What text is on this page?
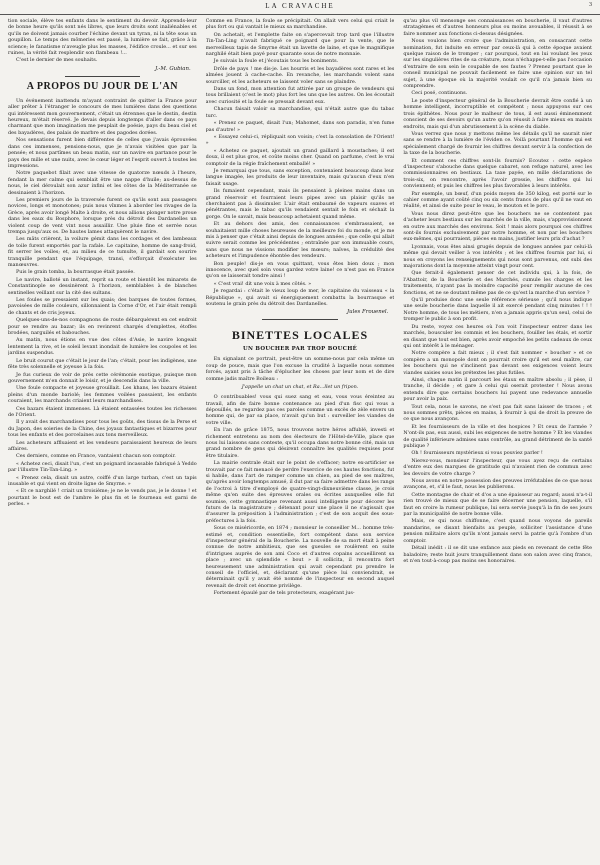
LA CRAVACHE	3

tion sociale, élève tes enfants dans le sentiment du devoir. Apprends-leur de bonne heure qu'ils sont nés libres, que leurs droits sont inaliénables et qu'ils ne doivent jamais courber l'échine devant un tyran, ni la tête sous un goupillon. Le temps des mômeries est passé, la lumière se fait, grâce à la science; le fanatisme n'aveugle plus les masses, l'édifice croule... et sur ses ruines, la vérité fait resplendir son flambeau !...

C'est le dernier de mes souhaits.

J.-M. Gubian.
A PROPOS DU JOUR DE L'AN

Un événement inattendu m'ayant contraint de quitter la France pour aller prêter à l'étranger le concours de mes lumières dans des questions qui intéressent mon gouvernement, c'était un étrennes que le destin, destin heureux, m'était réservé. Je devais depuis longtemps d'aller dans ce pays charmant que mon imagination me peuplait de poésie, pays du beau ciel et des bayadères, des palais de marbre et des pagodes dorées.

Nos sensations furent bien différentes de celles que j'avais éprouvées dans ces immenses, pensions-nous, que je n'avais visitées que par la pensée; et nous partîmes un beau matin, sur un navire en partance pour le pays des mille et une nuits, avec le cœur léger et l'esprit ouvert à toutes les impressions.

Notre paquebot filait avec une vitesse de quatorze nœuds à l'heure, fendant la mer calme qui semblait être une nappe d'huile; au-dessus de nous, le ciel déroulait son azur infini et les côtes de la Méditerranée se dessinaient à l'horizon.

Les premiers jours de la traversée furent ce qu'ils sont aux passagers novices, longs et monotones; puis nous vînmes à aborder les rivages de la Grèce, après avoir longé Malte à droite, et nous allions plonger notre proue dans les eaux du Bosphore, lorsque près du détroit des Dardanelles un violent coup de vent vint nous assaillir. Une pluie fine et serrée nous trempa jusqu'aux os. De hautes lames attaquèrent le navire.

Les mâts crièrent, la voilure gémit dans les cordages et des lambeaux de toile furent emportés par la rafale. Le capitaine, homme de sang-froid, fit serrer les voiles; et, au milieu de ce tumulte, il gardait son sourire tranquille pendant que l'équipage, transi, s'efforçait d'exécuter les manœuvres.

Puis le grain tomba, la bourrasque était passée.

Le navire, balloté un instant, reprit sa route et bientôt les minarets de Constantinople se dessinèrent à l'horizon, semblables à de blanches sentinelles veillant sur la cité des sultans.

Les foules se pressaient sur les quais; des barques de toutes formes, pavoisées de mille couleurs, sillonnaient la Corne d'Or, et l'air était rempli de chants et de cris joyeux.

Quelques-uns-de-nos compagnons de route débarquèrent en cet endroit pour se rendre au bazar; ils en revinrent chargés d'emplettes, étoffes brodées, narguilés et babouches.

Au matin, nous étions en vue des côtes d'Asie, le navire longeait lentement la rive, et le soleil levant inondait de lumière les coupoles et les jardins suspendus.

Le bruit courut que c'était le jour de l'an; c'était, pour les indigènes, une fête très solennelle et joyeuse à la fois.

Je fus curieux de voir de près cette cérémonie exotique, puisque mon gouvernement m'en donnait le loisir, et je descendis dans la ville.

Une foule compacte et joyeuse grouillait. Les khans, les bazars étaient pleins d'un monde bariolé; les femmes voilées passaient, les enfants couraient, les marchands criaient leurs marchandises.

Ces bazars étaient immenses. Là étaient entassées toutes les richesses de l'Orient.

Il y avait des marchandises pour tous les goûts, des tissus de la Perse et du Japon, des soieries de la Chine, des joyaux fantastiques et bizarres pour tous les enfants et des porcelaines aux tons merveilleux.

Les acheteurs affluaient et les vendeurs paraissaient heureux de leurs affaires.

Ces derniers, comme en France, vantaient chacun son comptoir.

« Achetez ceci, disait l'un, c'est un poignard incassable fabriqué à Yeddo par l'illustre Tin-Tan-Ling. »

« Prenez cela, disait un autre, coiffé d'un large turban, c'est un tapis inusable et qui vient en droite ligne de Smyrne. »

« Et ce narghilé ! criait un troisième; je ne le vends pas, je le donne ! et pourtant le bout est de l'ambre le plus fin et le fourneau est garni de perles. »

Comme en France, la foule se précipitait. On allait vers celui qui criait le plus fort ou qui vantait le mieux sa marchandise.

On achetait, et l'emplette faite on s'apercevait trop tard que l'illustre Tin-Tan-Ling n'avait fabriqué ce poignard que pour la vente, que le merveilleux tapis de Smyrne était un lavette de laine, et que le magnifique narghilé était bien payé pour quarante sous de notre monnaie.

Je suivais la foule et j'écoutais tous les boniments.

Drôle de pays ! me dis-je. Les hourris et les bayadères sont rares et les almées jouent à cache-cache. En revanche, les marchands volent sans sourciller, et les acheteurs se laissent voler sans se plaindre.

Dans un fond, mon attention fut attirée par un groupe de vendeurs qui tous brillaient (c'est le mot) plus fort les uns que les autres. On les écoutait avec curiosité et la foule se pressait devant eux.

Chacun faisait valoir sa marchandise, qui n'était autre que du tabac turc.

« Prenez ce paquet, disait l'un; Mahomet, dans son paradis, n'en fume pas d'autre! »

« Essayez celui-ci, répliquait son voisin; c'est la consolation de l'Orient! »

« Achetez ce paquet, ajoutait un grand gaillard à moustaches; il est doux, il est plus gros, et coûte moins cher. Quand on parfume, c'est le vrai comptoir de la régie fraîchement emballé! »

Je remarquai que tous, sans exception, contenaient beaucoup dans leur langue imagée, les produits de leur inventaire, mais qu'aucun d'eux n'en faisait usage.

Ils fumaient cependant, mais ils pensaient à pleines mains dans un grand réservoir et fourraient leurs pipes avec un plaisir qu'ils ne cherchaient pas à dissimuler. L'air était embaumé de vapeurs suaves et pénétrantes, mais le tabac qu'ils vendaient sentait le foin et séchait la gorge. On le savait, mais beaucoup achetaient quand même.

Et au dehors des amis, des connaissances s'embrassaient, se souhaitaient mille choses heureuses de la meilleure foi du monde, et je me mis à penser que c'était ainsi depuis de longues années ; que celle qui allait suivre serait comme les précédentes ; entraînée par son immuable cours, sans que nous ne vissions modifier les mœurs; naïves, la crédulité des acheteurs et l'impudence éhontée des vendeurs.

Bon peuple! dis-je en vous quittant, vous êtes bien doux ; mon innocence, avec quel soin vous gardez votre laine! ce n'est pas en France qu'on se laisserait tondre ainsi !

« C'est vrai! dit une voix à mes côtés. »

Je regardai : c'était le vieux loup de mer, le capitaine du vaisseau « la République », qui avait si énergiquement combattu la bourrasque et soutenu le grain près du détroit des Dardanelles.

Jules Frouenel.
BINETTES LOCALES
UN BOUCHER PAR TROP BOUCHÉ

En signalant ce portrait, peut-être un somme-nous par cela même un coup de pouce, mais que l'on excuse la crudité à laquelle nous sommes forcés, ayant pris à tâche d'éplucher les choses par leur nom et de dire comme jadis maître Boileau :

J'appelle un chat un chat, et Ra...llet un fripon.

O contribuables! vous qui suez sang et eau, vous vous éreintez au travail, afin de faire bonne contenance au pied d'un fisc qui vous a dépouillés, ne regardez pas ces paroles comme un excès de zèle envers un homme qui, de par sa place, n'avait qu'un but : surveiller les viandes de votre ville.

En l'an de grâce 1875, nous trouvons notre héros affublé, investi et richement entretenu au nom des électeurs de l'Hôtel-de-Ville, place que nous lui laissons sans conteste, qu'il occupa dans notre bonne cité, mais un grand nombre de gens qui désirent connaître les qualités requises pour être titulaire.

La mairie centrale était sur le point de s'effacer; notre ex-artificier se trouvait par ce fait menacé de perdre l'exercice de ces hautes fonctions, fut si habile, dans l'art de ramper comme un chien, au pied de ses maîtres, qu'après avoir longtemps amusé, il dut par sa faire admettre dans les rangs de l'octroi à titre d'employé de quatre-vingt-dixneuvième classe, je crois même qu'en suite des épreuves orales ou écrites auxquelles elle fut soumise, cette gymnastique revenant aussi intelligente pour décorer les futurs de la magistrature ; détenant pour une place il ne s'agissait que d'assurer la préposition à l'administration ; c'est de son acquit des sous-préfectures à la fois.

Sous ce miséricorde, en 1874 ; monsieur le conseiller M... homme très-estimé et, condition essentielle, fort compétent dans son service d'inspecteur général de la Boucherie. La nouvelle de sa mort était à peine connue de notre ambitieux, que ses gueules se roulèrent en suite d'intrigues auprès de son ami Coco et d'autres copains accueillirent sa place ; avec un splendide « bout » il sollicita, il rencontra fort heureusement une administration qui avait cependant pu prendre le conseil de l'officiel, et, déclarant qu'une pièce lui conviendrait, se déterminait qu'il y avait été nommé de l'inspecteur en second auquel revenait de droit cet énorme privilège.

Fortement épaulé par de tels protecteurs, exagérant jus-

qu'au plus vil mensonge ses connaissances en boucherie, il vaut d'autres stratagèmes et d'autres honneurs plus ou moins avouables, il réussit à se faire nommer aux fonctions ci-dessus désignées.

Nous voulons bien croire que l'administration, en consacrant cette nomination, fut induite en erreur par ceux-là qui à cette époque avaient quelque raison de le tromper ; car pourquoi, tout en lui voulant les yeux sur les singulières rites de sa créature, nous n'échappe-t-elle pas l'occasion d'extraire de son sein le coupable de ses fautes ? Prenez pourtant que le conseil municipal ne pouvait facilement se faire une opinion sur un tel sujet, à une époque où la majorité voulait ce qu'il n'a jamais bien su comprendre.

Ceci posé, continuons.

Le poste d'inspecteur général de la Boucherie devrait être confié à un homme intelligent, incorruptible et compétent ; nous appuyons sur ces trois épithètes. Nous pour le malheur de tous, il est aussi éminemment conscient de ses devoirs qu'un autre qu'on réussit à faire mieux en maints endroits, mais qui d'un abrutissement à la scène du diable.

Vous verrez que nous y mettons même les détails qu'il ne saurait nier sans se rendre à la lumière de l'éviden ce. Voilà pourtant l'homme qui est spécialement chargé de fournir les chiffres devant servir à la confection de la taxe de la boucherie.

Et comment ces chiffres sont-ils fournis? Ecoutez : cette espèce d'inspecteur s'abouche dans quelque cabaret, son refuge naturel, avec les commissionnaires en bestiaux. La taxe payée, en mille déclarations de trois-six, on rencontre, après l'avoir grossie, les chiffres qui lui conviennent; et puis les chiffres les plus favorables à leurs intérêts.

Par exemple, un bœuf, d'un poids moyen de 350 kilog, est porté sur le cahier comme ayant coûté cinq ou six cents francs de plus qu'il ne vaut en réalité, et ainsi de suite pour le veau, le mouton et le porc.

Vous nous direz peut-être que les bouchers ne se contentent pas d'acheter leurs bestiaux sur les marchés de la ville, mais, s'approvisionnent en outre aux marchés des environs. Soit ! mais alors pourquoi ces chiffres sont-ils fournis exclusivement par notre homme, et non par les bouchers eux-mêmes, qui pourraient, pièces en mains, justifier leurs prix d'achat ?

Lyonnais, vous êtes ainsi grugés depuis de longues années par celui-là même qui devait veiller à vos intérêts ; et les chiffres fournis par lui, si nous en croyons les renseignements qui nous sont parvenus, ont subi des majorations dont la moyenne atteint vingt pour cent.

Que ferait-il également penser de cet individu qui, à la fois, de l'Abattoir, de la Boucherie et des Marchés, cumule les charges et les traitements, n'ayant pas la moindre capacité pour remplir aucune de ces fonctions, et ne se doutant même pas de ce qu'est la marche d'un service ?

Qu'il produise donc une seule référence sérieuse ; qu'il nous indique une seule boucherie dans laquelle il ait exercé pendant cinq minutes ! ! ! Notre homme, de tous les métiers, n'en a jamais appris qu'un seul, celui de tromper le public à son profit.

Du reste, voyez ces heures où l'on voit l'inspecteur entrer dans les marchés, bousculer les commis et les bouchers, fouiller les étals, et sortir en disant que tout est bien, après avoir empoché les petits cadeaux de ceux qui ont intérêt à le ménager.

Notre compère a fait mieux ; il s'est fait nommer « boucher » et ce compère a un monopole dont on pourrait croire qu'il est seul maître, car les bouchers qui ne s'inclinent pas devant ses exigences voient leurs viandes saisies sous les prétextes les plus futiles.

Ainsi, chaque matin il parcourt les étaux en maître absolu ; il pèse, il tranche, il décide ; et gare à celui qui oserait protester ! Nous avons entendu dire que certains bouchers lui payent une redevance annuelle pour avoir la paix.

Tout cela, nous le savons, ne s'est pas fait sans laisser de traces ; et nous sommes prêts, pièces en mains, à fournir à qui de droit la preuve de ce que nous avançons.

Et les fournisseurs de la ville et des hospices ? Et ceux de l'armée ? N'ont-ils pas, eux aussi, subi les exigences de notre homme ? Et les viandes de qualité inférieure admises sans contrôle, au grand détriment de la santé publique ?

Oh ! fournisseurs mystérieux si vous pouviez parler !

Nierez-vous, monsieur l'inspecteur, que vous ayez reçu de certains d'entre eux des marques de gratitude qui n'avaient rien de commun avec les devoirs de votre charge ?

Nous avons en notre possession des preuves irréfutables de ce que nous avançons, et, s'il le faut, nous les publierons.

Cette montagne de chair et d'os a une épaisseur au regard; aussi n'a-t-il rien trouvé de mieux que de se faire décerner une pension, laquelle, s'il faut en croire la rumeur publique, lui sera servie jusqu'à la fin de ses jours par la municipalité de notre bonne ville.

Mais, ce qui nous chiffonne, c'est quand nous voyons de pareils mandarins, se disant bienfaits au peuple, solliciter l'assistance d'une pension militaire alors qu'ils n'ont jamais servi la patrie qu'à l'ombre d'un comptoir.

Détail inédit : il se dit une enfance aux pieds en revenant de cette fête baladoire; reste huit jours tranquillement dans son salon avec cinq francs, et n'en tout-à-coup pas moins ses honoraires.
